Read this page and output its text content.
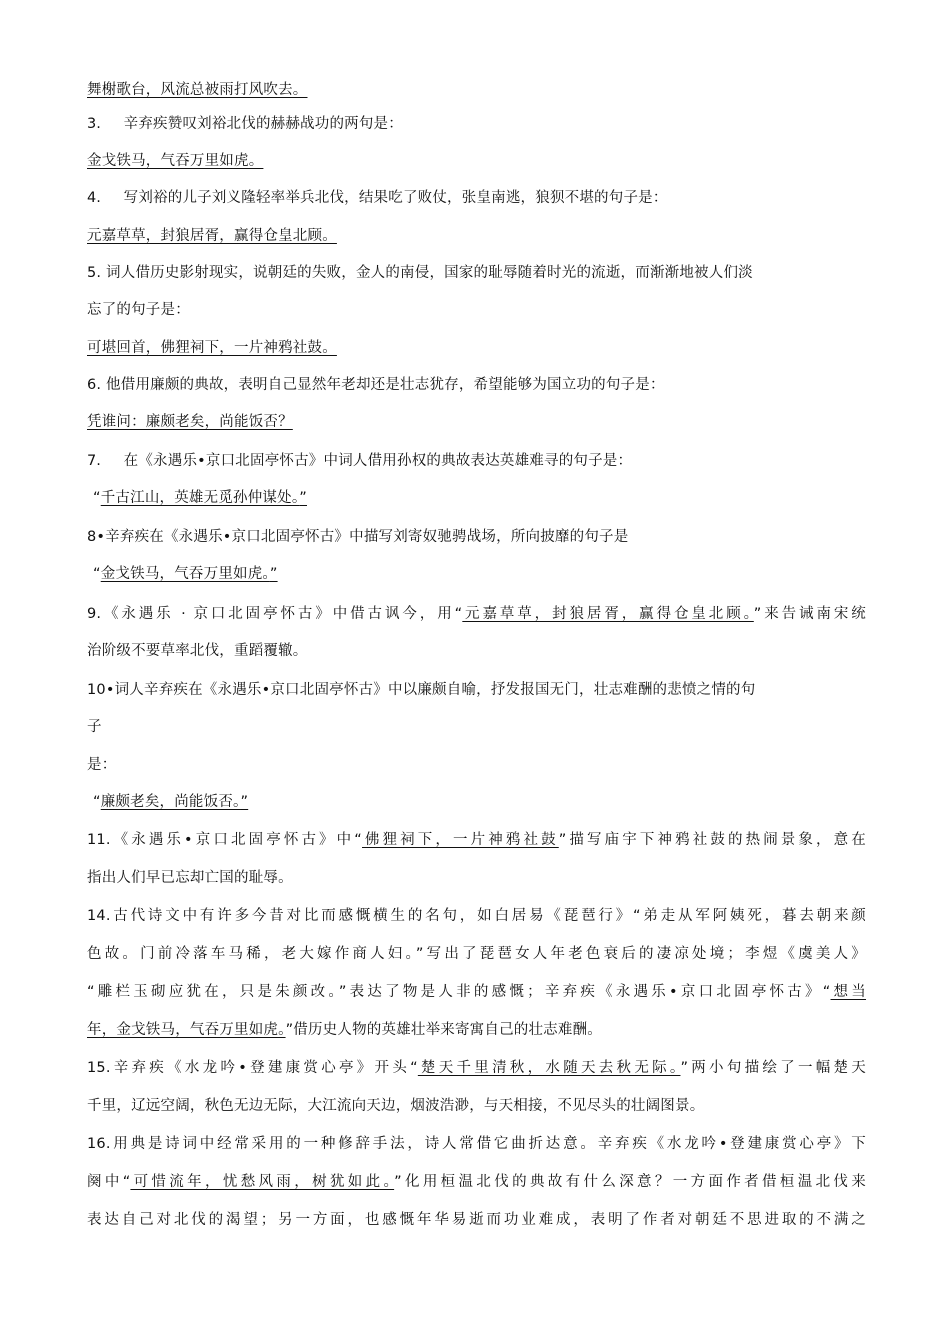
舞榭歌台，风流总被雨打风吹去。
3. 辛弃疾赞叹刘裕北伐的赫赫战功的两句是：
金戈铁马，气吞万里如虎。
4. 写刘裕的儿子刘义隆轻率举兵北伐，结果吃了败仗，张皇南逃，狼狈不堪的句子是：
元嘉草草，封狼居胥，赢得仓皇北顾。
5. 词人借历史影射现实，说朝廷的失败，金人的南侵，国家的耻辱随着时光的流逝，而渐渐地被人们淡
忘了的句子是：
可堪回首，佛狸祠下，一片神鸦社鼓。
6. 他借用廉颇的典故，表明自己显然年老却还是壮志犹存，希望能够为国立功的句子是：
凭谁问：廉颇老矣，尚能饭否？
7. 在《永遇乐•京口北固亭怀古》中词人借用孙权的典故表达英雄难寻的句子是：
“千古江山，英雄无觅孙仲谋处。”
8•辛弃疾在《永遇乐•京口北固亭怀古》中描写刘寄奴驰骋战场，所向披靡的句子是
“金戈铁马，气吞万里如虎。”
9.《永遇乐 · 京口北固亭怀古》中借古讽今，用“元嘉草草，封狼居胥，赢得仓皇北顾。”来告诫南宋统
治阶级不要草率北伐，重蹈覆辙。
10•词人辛弃疾在《永遇乐•京口北固亭怀古》中以廉颇自喻，抒发报国无门，壮志难酬的悲愤之情的句
子
是：
“廉颇老矣，尚能饭否。”
11.《永遇乐•京口北固亭怀古》中“佛狸祠下，一片神鸦社鼓”描写庙宇下神鸦社鼓的热闹景象，意在
指出人们早已忘却亡国的耻辱。
14.古代诗文中有许多今昔对比而感慨横生的名句，如白居易《琵琶行》“弟走从军阿姨死，暮去朝来颜
色故。门前冷落车马稀，老大嫁作商人妇。”写出了琵琶女人年老色衰后的凄凉处境；李煜《虞美人》
“雕栏玉砌应犹在，只是朱颜改。”表达了物是人非的感慨；辛弃疾《永遇乐•京口北固亭怀古》“想当
年，金戈铁马，气吞万里如虎。”借历史人物的英雄壮举来寄寓自己的壮志难酬。
15.辛弃疾《水龙吟•登建康赏心亭》开头“楚天千里清秋，水随天去秋无际。”两小句描绘了一幅楚天
千里，辽远空阔，秋色无边无际，大江流向天边，烟波浩渺，与天相接，不见尽头的壮阔图景。
16.用典是诗词中经常采用的一种修辞手法，诗人常借它曲折达意。辛弃疾《水龙吟•登建康赏心亭》下
阕中“可惜流年，忧愁风雨，树犹如此。”化用桓温北伐的典故有什么深意？一方面作者借桓温北伐来
表达自己对北伐的渴望；另一方面，也感慨年华易逝而功业难成，表明了作者对朝廷不思进取的不满之
